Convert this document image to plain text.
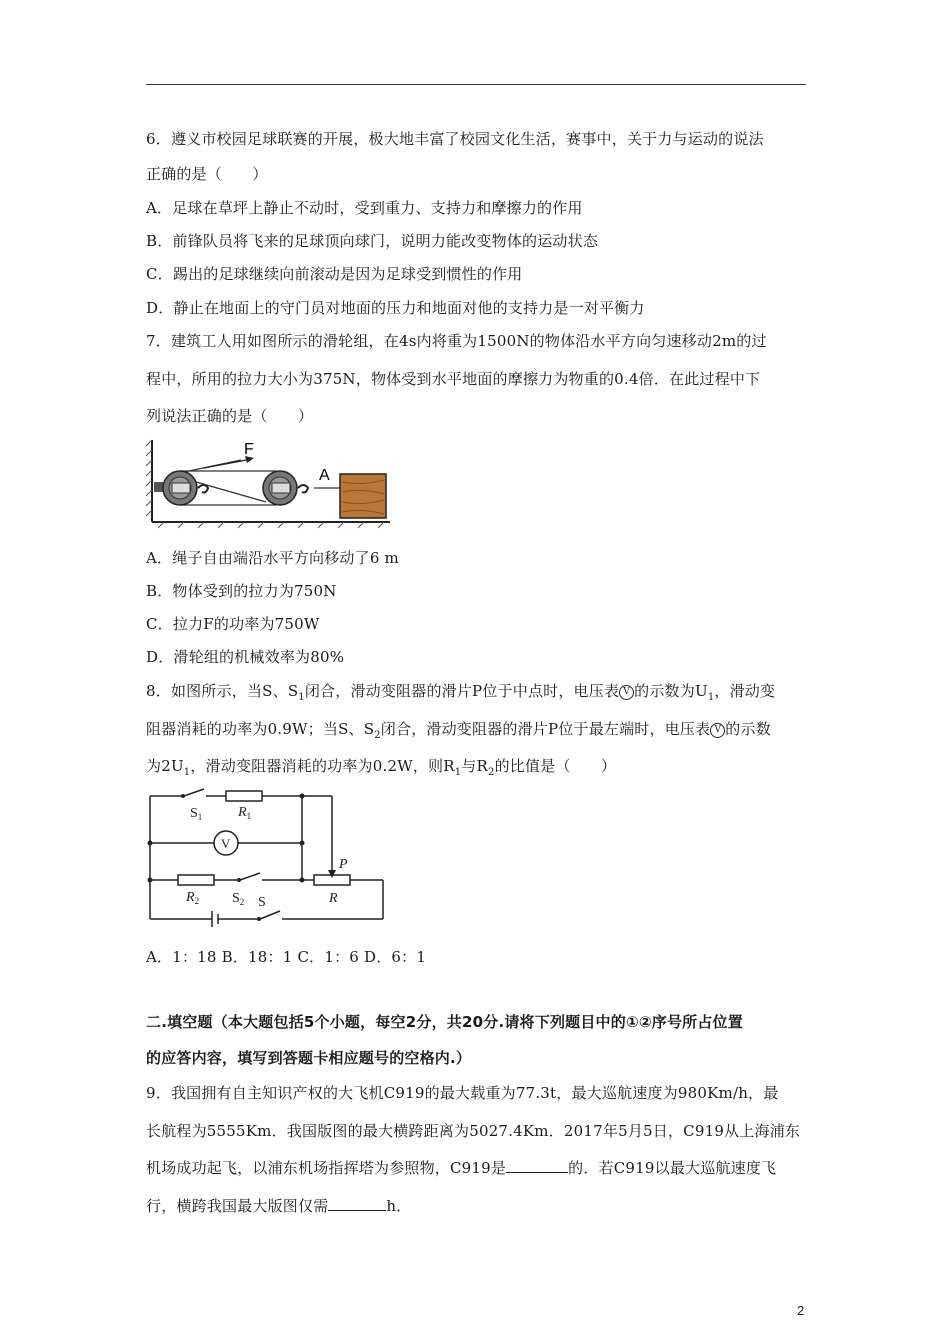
6．遵义市校园足球联赛的开展，极大地丰富了校园文化生活，赛事中，关于力与运动的说法
正确的是（　　）
A．足球在草坪上静止不动时，受到重力、支持力和摩擦力的作用
B．前锋队员将飞来的足球顶向球门，说明力能改变物体的运动状态
C．踢出的足球继续向前滚动是因为足球受到惯性的作用
D．静止在地面上的守门员对地面的压力和地面对他的支持力是一对平衡力
7．建筑工人用如图所示的滑轮组，在4s内将重为1500N的物体沿水平方向匀速移动2m的过
程中，所用的拉力大小为375N，物体受到水平地面的摩擦力为物重的0.4倍．在此过程中下
列说法正确的是（　　）
F
A
A．绳子自由端沿水平方向移动了6 m
B．物体受到的拉力为750N
C．拉力F的功率为750W
D．滑轮组的机械效率为80%
8．如图所示，当S、$S_1$闭合，滑动变阻器的滑片P位于中点时，电压表 V 的示数为$U_1$，滑动变
阻器消耗的功率为0.9W；当S、$S_2$闭合，滑动变阻器的滑片P位于最左端时，电压表 V 的示数
为$2U_1$，滑动变阻器消耗的功率为0.2W，则$R_1$与$R_2$的比值是（　　）
$S_1$	$R_1$
V
P
$R_2$ $S_2$	R
S
A．1：18 B．18：1 C．1：6 D．6：1
二.填空题（本大题包括5个小题，每空2分，共20分.请将下列题目中的①②序号所占位置
的应答内容，填写到答题卡相应题号的空格内.）
9．我国拥有自主知识产权的大飞机C919的最大载重为77.3t，最大巡航速度为980Km/h，最
长航程为5555Km．我国版图的最大横跨距离为5027.4Km．2017年5月5日，C919从上海浦东
机场成功起飞，以浦东机场指挥塔为参照物，C919是	的．若C919以最大巡航速度飞
行，横跨我国最大版图仅需	h．
2
